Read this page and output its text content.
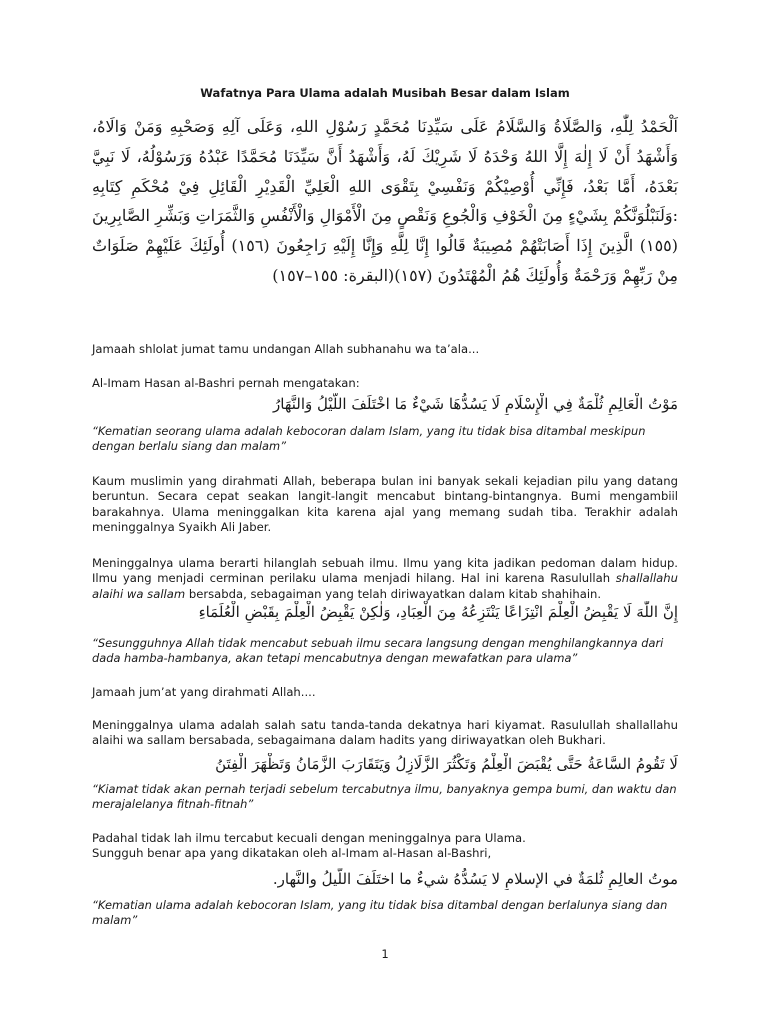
Wafatnya Para Ulama adalah Musibah Besar dalam Islam

اَلْحَمْدُ لِلّٰهِ، وَالصَّلَاةُ وَالسَّلَامُ عَلَى سَيِّدِنَا مُحَمَّدٍ رَسُوْلِ اللهِ، وَعَلَى آلِهِ وَصَحْبِهِ وَمَنْ وَالَاهُ، وَأَشْهَدُ أَنْ لَا إِلٰهَ إِلَّا اللهُ وَحْدَهُ لَا شَرِيْكَ لَهُ، وَأَشْهَدُ أَنَّ سَيِّدَنَا مُحَمَّدًا عَبْدُهُ وَرَسُوْلُهُ، لَا نَبِيَّ بَعْدَهُ، أَمَّا بَعْدُ، فَإِنِّي أُوْصِيْكُمْ وَنَفْسِيْ بِتَقْوَى اللهِ الْعَلِيِّ الْقَدِيْرِ الْقَائِلِ فِيْ مُحْكَمِ كِتَابِهِ :وَلَنَبْلُوَنَّكُمْ بِشَيْءٍ مِنَ الْخَوْفِ وَالْجُوعِ وَنَقْصٍ مِنَ الْأَمْوَالِ وَالْأَنْفُسِ وَالثَّمَرَاتِ وَبَشِّرِ الصَّابِرِينَ (١٥٥) الَّذِينَ إِذَا أَصَابَتْهُمْ مُصِيبَةٌ قَالُوا إِنَّا لِلَّهِ وَإِنَّا إِلَيْهِ رَاجِعُونَ (١٥٦) أُولَئِكَ عَلَيْهِمْ صَلَوَاتٌ مِنْ رَبِّهِمْ وَرَحْمَةٌ وَأُولَئِكَ هُمُ الْمُهْتَدُونَ (١٥٧)(البقرة: ١٥٥–١٥٧)

Jamaah shlolat jumat tamu undangan Allah subhanahu wa ta’ala...

Al-Imam Hasan al-Bashri pernah mengatakan:

مَوْتُ الْعَالِمِ ثُلْمَةٌ فِي الْإِسْلَامِ لَا يَسُدُّهَا شَيْءٌ مَا اخْتَلَفَ اللَّيْلُ وَالنَّهَارُ

“Kematian seorang ulama adalah kebocoran dalam Islam, yang itu tidak bisa ditambal meskipun dengan berlalu siang dan malam”

Kaum muslimin yang dirahmati Allah, beberapa bulan ini banyak sekali kejadian pilu yang datang beruntun. Secara cepat seakan langit-langit mencabut bintang-bintangnya. Bumi mengambiil barakahnya. Ulama meninggalkan kita karena ajal yang memang sudah tiba. Terakhir adalah meninggalnya Syaikh Ali Jaber.

Meninggalnya ulama berarti hilanglah sebuah ilmu. Ilmu yang kita jadikan pedoman dalam hidup. Ilmu yang menjadi cerminan perilaku ulama menjadi hilang. Hal ini karena Rasulullah shallallahu alaihi wa sallam bersabda, sebagaiman yang telah diriwayatkan dalam kitab shahihain.

إِنَّ اللّٰهَ لَا يَقْبِضُ الْعِلْمَ انْتِزَاعًا يَنْتَزِعُهُ مِنَ الْعِبَادِ، وَلٰكِنْ يَقْبِضُ الْعِلْمَ بِقَبْضِ الْعُلَمَاءِ

“Sesungguhnya Allah tidak mencabut sebuah ilmu secara langsung dengan menghilangkannya dari dada hamba-hambanya, akan tetapi mencabutnya dengan mewafatkan para ulama”

Jamaah jum’at yang dirahmati Allah....

Meninggalnya ulama adalah salah satu tanda-tanda dekatnya hari kiyamat. Rasulullah shallallahu alaihi wa sallam bersabada, sebagaimana dalam hadits yang diriwayatkan oleh Bukhari.

لَا تَقُومُ السَّاعَةُ حَتَّى يُقْبَضَ الْعِلْمُ وَتَكْثُرَ الزَّلَازِلُ وَيَتَقَارَبَ الزَّمَانُ وَتَظْهَرَ الْفِتَنُ

“Kiamat tidak akan pernah terjadi sebelum tercabutnya ilmu, banyaknya gempa bumi, dan waktu dan merajalelanya fitnah-fitnah”

Padahal tidak lah ilmu tercabut kecuali dengan meninggalnya para Ulama.
Sungguh benar apa yang dikatakan oleh al-Imam al-Hasan al-Bashri,

موتُ العالِمِ ثُلمَةٌ في الإسلامِ لا يَسُدُّهُ شيءٌ ما اختَلَفَ اللَّيلُ والنَّهار.

“Kematian ulama adalah kebocoran Islam, yang itu tidak bisa ditambal dengan berlalunya siang dan malam”

1
